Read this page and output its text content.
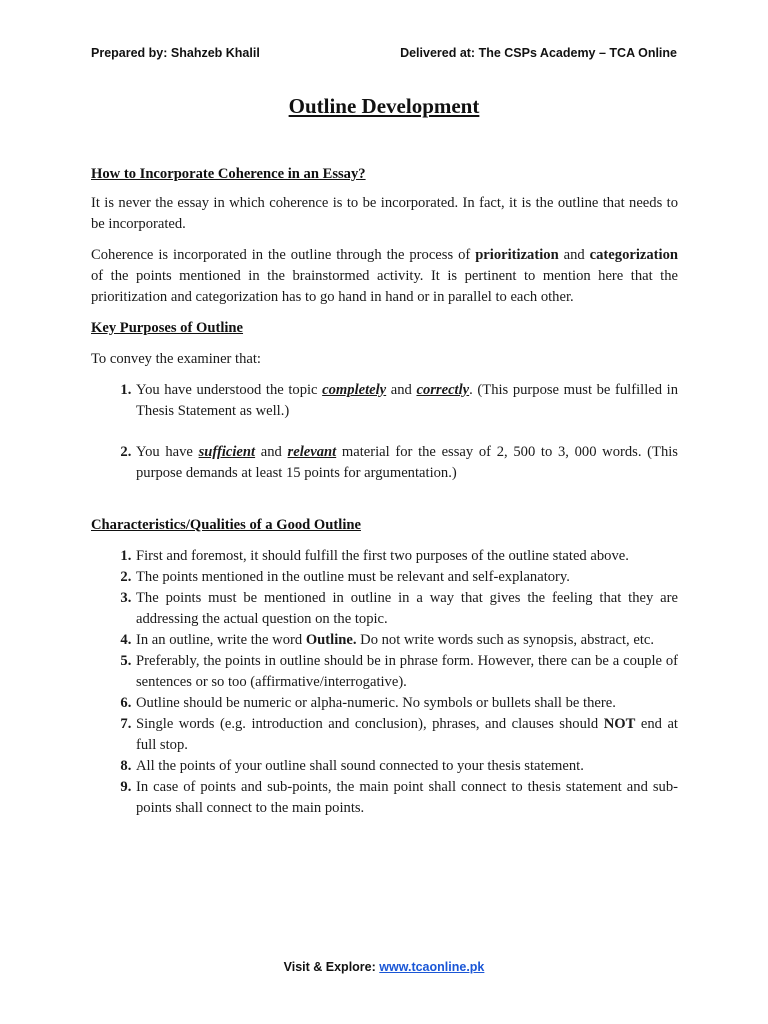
Prepared by: Shahzeb Khalil	Delivered at: The CSPs Academy – TCA Online
Outline Development

How to Incorporate Coherence in an Essay?

It is never the essay in which coherence is to be incorporated. In fact, it is the outline that needs to be incorporated.

Coherence is incorporated in the outline through the process of prioritization and categorization of the points mentioned in the brainstormed activity. It is pertinent to mention here that the prioritization and categorization has to go hand in hand or in parallel to each other.

Key Purposes of Outline

To convey the examiner that:

1. You have understood the topic completely and correctly. (This purpose must be fulfilled in Thesis Statement as well.)
2. You have sufficient and relevant material for the essay of 2, 500 to 3, 000 words. (This purpose demands at least 15 points for argumentation.)

Characteristics/Qualities of a Good Outline

1. First and foremost, it should fulfill the first two purposes of the outline stated above.
2. The points mentioned in the outline must be relevant and self-explanatory.
3. The points must be mentioned in outline in a way that gives the feeling that they are addressing the actual question on the topic.
4. In an outline, write the word Outline. Do not write words such as synopsis, abstract, etc.
5. Preferably, the points in outline should be in phrase form. However, there can be a couple of sentences or so too (affirmative/interrogative).
6. Outline should be numeric or alpha-numeric. No symbols or bullets shall be there.
7. Single words (e.g. introduction and conclusion), phrases, and clauses should NOT end at full stop.
8. All the points of your outline shall sound connected to your thesis statement.
9. In case of points and sub-points, the main point shall connect to thesis statement and sub-points shall connect to the main points.
Visit & Explore: www.tcaonline.pk
